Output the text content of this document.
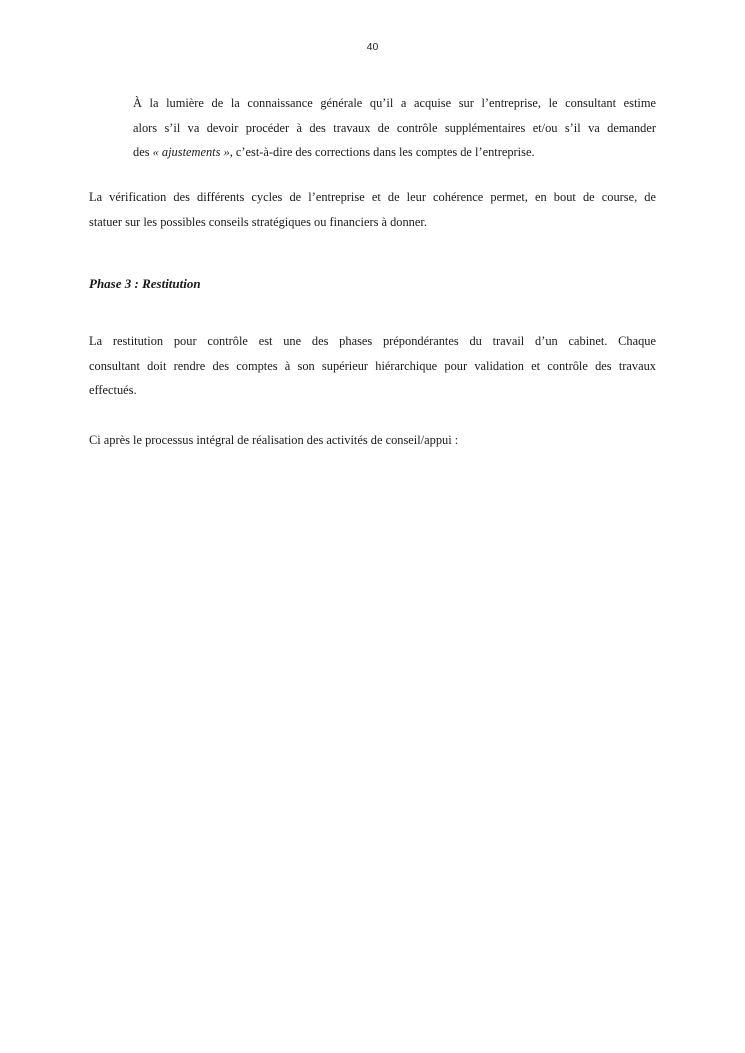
40
À la lumière de la connaissance générale qu’il a acquise sur l’entreprise, le consultant estime
alors s’il va devoir procéder à des travaux de contrôle supplémentaires et/ou s’il va demander
des « ajustements », c’est-à-dire des corrections dans les comptes de l’entreprise.
La vérification des différents cycles de l’entreprise et de leur cohérence permet, en bout de course, de
statuer sur les possibles conseils stratégiques ou financiers à donner.
Phase 3 : Restitution
La restitution pour contrôle est une des phases prépondérantes du travail d’un cabinet. Chaque
consultant doit rendre des comptes à son supérieur hiérarchique pour validation et contrôle des travaux
effectués.
Ci après le processus intégral de réalisation des activités de conseil/appui :
